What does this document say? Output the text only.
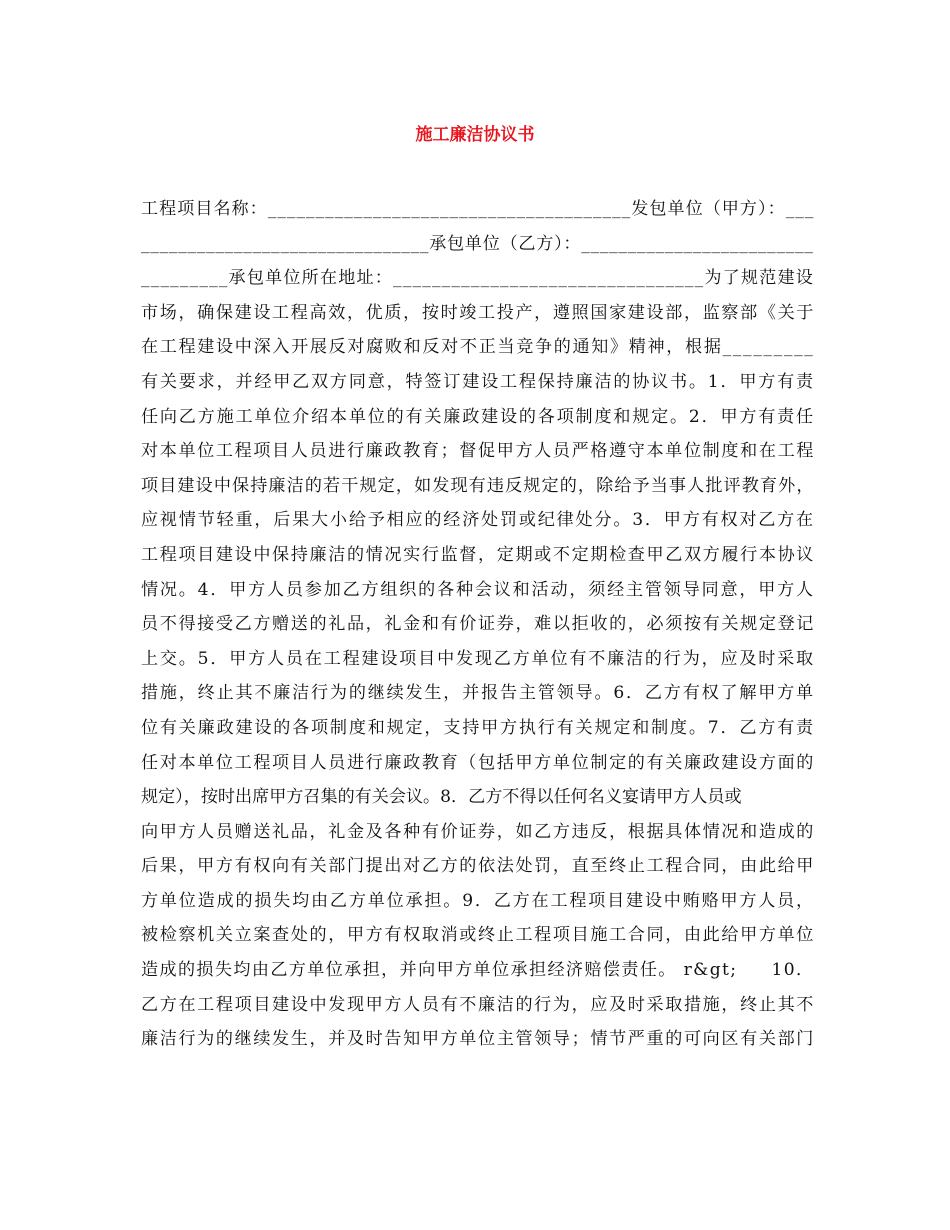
施工廉洁协议书
工程项目名称：______________________________________发包单位（甲方）：___
_______________________________承包单位（乙方）：_________________________
_________承包单位所在地址：________________________________为了规范建设
市场，确保建设工程高效，优质，按时竣工投产，遵照国家建设部，监察部《关于
在工程建设中深入开展反对腐败和反对不正当竞争的通知》精神，根据_________
有关要求，并经甲乙双方同意，特签订建设工程保持廉洁的协议书。1．甲方有责
任向乙方施工单位介绍本单位的有关廉政建设的各项制度和规定。2．甲方有责任
对本单位工程项目人员进行廉政教育；督促甲方人员严格遵守本单位制度和在工程
项目建设中保持廉洁的若干规定，如发现有违反规定的，除给予当事人批评教育外，
应视情节轻重，后果大小给予相应的经济处罚或纪律处分。3．甲方有权对乙方在
工程项目建设中保持廉洁的情况实行监督，定期或不定期检查甲乙双方履行本协议
情况。4．甲方人员参加乙方组织的各种会议和活动，须经主管领导同意，甲方人
员不得接受乙方赠送的礼品，礼金和有价证券，难以拒收的，必须按有关规定登记
上交。5．甲方人员在工程建设项目中发现乙方单位有不廉洁的行为，应及时采取
措施，终止其不廉洁行为的继续发生，并报告主管领导。6．乙方有权了解甲方单
位有关廉政建设的各项制度和规定，支持甲方执行有关规定和制度。7．乙方有责
任对本单位工程项目人员进行廉政教育（包括甲方单位制定的有关廉政建设方面的
规定），按时出席甲方召集的有关会议。8．乙方不得以任何名义宴请甲方人员或
向甲方人员赠送礼品，礼金及各种有价证券，如乙方违反，根据具体情况和造成的
后果，甲方有权向有关部门提出对乙方的依法处罚，直至终止工程合同，由此给甲
方单位造成的损失均由乙方单位承担。9．乙方在工程项目建设中贿赂甲方人员，
被检察机关立案查处的，甲方有权取消或终止工程项目施工合同，由此给甲方单位
造成的损失均由乙方单位承担，并向甲方单位承担经济赔偿责任。 r&gt;     10．
乙方在工程项目建设中发现甲方人员有不廉洁的行为，应及时采取措施，终止其不
廉洁行为的继续发生，并及时告知甲方单位主管领导；情节严重的可向区有关部门
